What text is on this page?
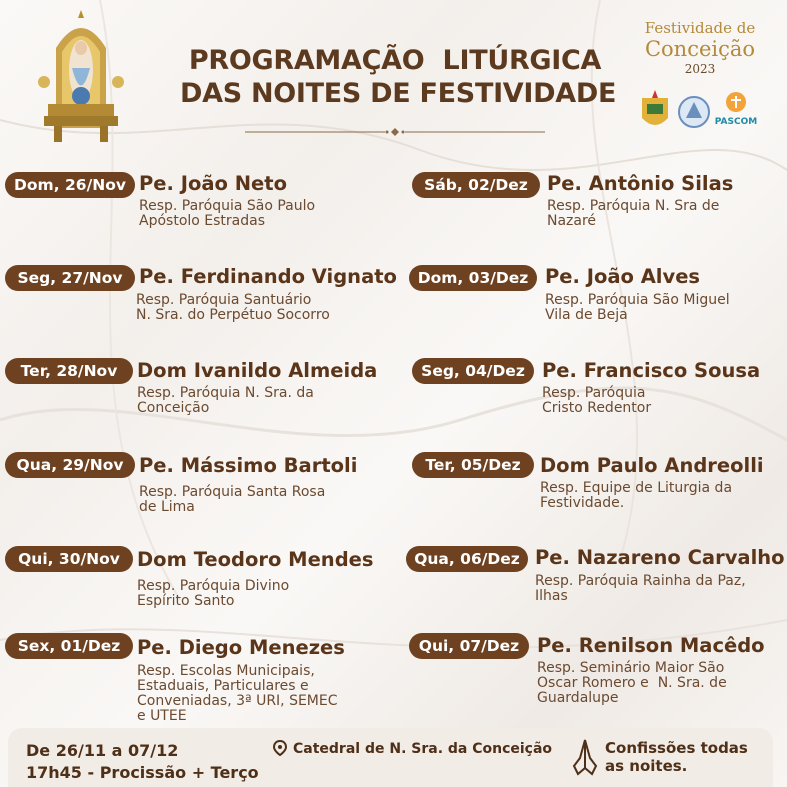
PROGRAMAÇÃO  LITÚRGICA
DAS NOITES DE FESTIVIDADE
Festividade de
Conceição
2023
PASCOM
Dom, 26/Nov Pe. João Neto
Resp. Paróquia São Paulo
Apóstolo Estradas
Seg, 27/Nov Pe. Ferdinando Vignato
Resp. Paróquia Santuário
N. Sra. do Perpétuo Socorro
Ter, 28/Nov	Dom Ivanildo Almeida
Resp. Paróquia N. Sra. da
Conceição
Qua, 29/Nov Pe. Mássimo Bartoli
Resp. Paróquia Santa Rosa
de Lima
Qui, 30/Nov Dom Teodoro Mendes
Resp. Paróquia Divino
Espírito Santo
Sex, 01/Dez Pe. Diego Menezes
Resp. Escolas Municipais,
Estaduais, Particulares e
Conveniadas, 3ª URI, SEMEC
e UTEE
Sáb, 02/Dez Pe. Antônio Silas
Resp. Paróquia N. Sra de
Nazaré
Dom, 03/Dez Pe. João Alves
Resp. Paróquia São Miguel
Vila de Beja
Seg, 04/Dez Pe. Francisco Sousa
Resp. Paróquia
Cristo Redentor
Ter, 05/Dez Dom Paulo Andreolli
Resp. Equipe de Liturgia da
Festividade.
Qua, 06/Dez Pe. Nazareno Carvalho
Resp. Paróquia Rainha da Paz,
Ilhas
Qui, 07/Dez Pe. Renilson Macêdo
Resp. Seminário Maior São
Oscar Romero e  N. Sra. de
Guardalupe
De 26/11 a 07/12
17h45 - Procissão + Terço
Catedral de N. Sra. da Conceição	Confissões todas
as noites.
